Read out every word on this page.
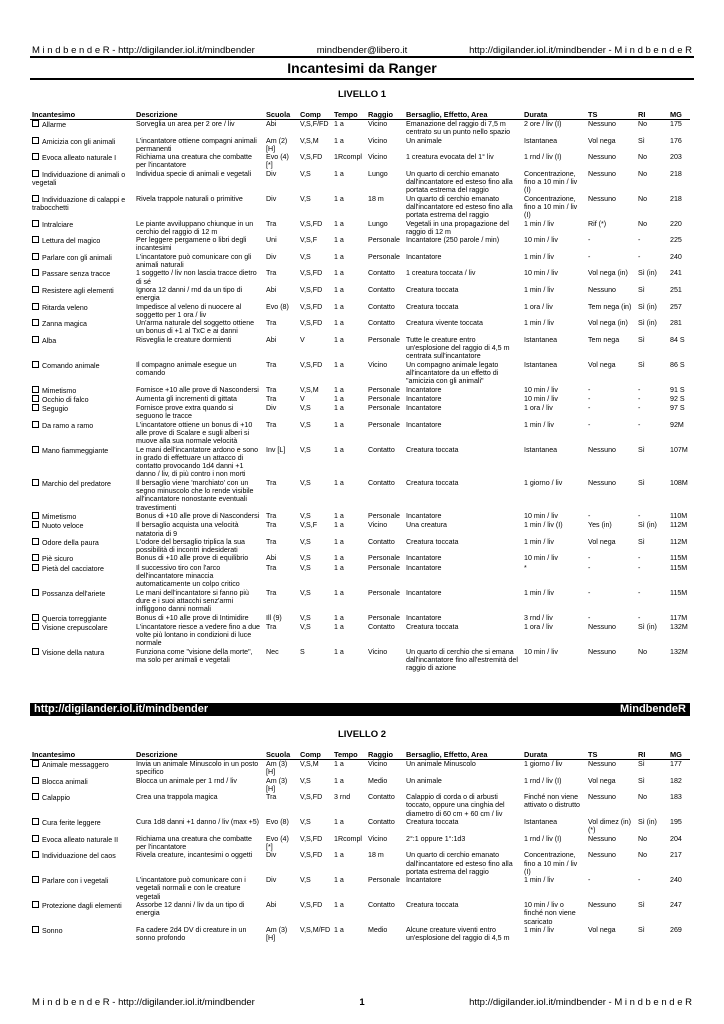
M i n d b e n d e R - http://digilander.iol.it/mindbender	mindbender@libero.it	http://digilander.iol.it/mindbender - M i n d b e n d e R
Incantesimi da Ranger
LIVELLO 1
Incantesimo	Descrizione	Scuola	Comp	Tempo	Raggio	Bersaglio, Effetto, Area	Durata	TS	RI	MG
Allarme	Sorveglia un area per 2 ore / liv	Abi	V,S,F/FD	1 a	Vicino	Emanazione del raggio di 7,5 m centrato su un punto nello spazio	2 ore / liv (I)	Nessuno	No	175
Amicizia con gli animali	L'incantatore ottiene compagni animali permanenti	Am (2) [H]	V,S,M	1 a	Vicino	Un animale	Istantanea	Vol nega	Sì	176
Evoca alleato naturale I	Richiama una creatura che combatte per l'incantatore	Evo (4) [*]	V,S,FD	1Rcompl	Vicino	1 creatura evocata del 1° liv	1 rnd / liv (I)	Nessuno	No	203
Individuazione di animali o vegetali	Individua specie di animali e vegetali	Div	V,S	1 a	Lungo	Un quarto di cerchio emanato dall'incantatore ed esteso fino alla portata estrema del raggio	Concentrazione, fino a 10 min / liv (I)	Nessuno	No	218
Individuazione di calappi e trabocchetti	Rivela trappole naturali o primitive	Div	V,S	1 a	18 m	Un quarto di cerchio emanato dall'incantatore ed esteso fino alla portata estrema del raggio	Concentrazione, fino a 10 min / liv (I)	Nessuno	No	218
Intralciare	Le piante avviluppano chiunque in un cerchio del raggio di 12 m	Tra	V,S,FD	1 a	Lungo	Vegetali in una propagazione del raggio di 12 m	1 min / liv	Rif (*)	No	220
Lettura del magico	Per leggere pergamene o libri degli incantesimi	Uni	V,S,F	1 a	Personale	Incantatore (250 parole / min)	10 min / liv	-	-	225
Parlare con gli animali	L'incantatore può comunicare con gli animali naturali	Div	V,S	1 a	Personale	Incantatore	1 min / liv	-	-	240
Passare senza tracce	1 soggetto / liv non lascia tracce dietro di sé	Tra	V,S,FD	1 a	Contatto	1 creatura toccata / liv	10 min / liv	Vol nega (in)	Sì (in)	241
Resistere agli elementi	Ignora 12 danni / rnd da un tipo di energia	Abi	V,S,FD	1 a	Contatto	Creatura toccata	1 min / liv	Nessuno	Sì	251
Ritarda veleno	Impedisce al veleno di nuocere al soggetto per 1 ora / liv	Evo (8)	V,S,FD	1 a	Contatto	Creatura toccata	1 ora / liv	Tem nega (in)	Sì (in)	257
Zanna magica	Un'arma naturale del soggetto ottiene un bonus di +1 al TxC e ai danni	Tra	V,S,FD	1 a	Contatto	Creatura vivente toccata	1 min / liv	Vol nega (in)	Sì (in)	281
Alba	Risveglia le creature dormienti	Abi	V	1 a	Personale	Tutte le creature entro un'esplosione del raggio di 4,5 m centrata sull'incantatore	Istantanea	Tem nega	Sì	84 S
Comando animale	Il compagno animale esegue un comando	Tra	V,S,FD	1 a	Vicino	Un compagno animale legato all'incantatore da un effetto di "amicizia con gli animali"	Istantanea	Vol nega	Sì	86 S
Mimetismo	Fornisce +10 alle prove di Nascondersi	Tra	V,S,M	1 a	Personale	Incantatore	10 min / liv	-	-	91 S
Occhio di falco	Aumenta gli incrementi di gittata	Tra	V	1 a	Personale	Incantatore	10 min / liv	-	-	92 S
Segugio	Fornisce prove extra quando si seguono le tracce	Div	V,S	1 a	Personale	Incantatore	1 ora / liv	-	-	97 S
Da ramo a ramo	L'incantatore ottiene un bonus di +10 alle prove di Scalare e sugli alberi si muove alla sua normale velocità	Tra	V,S	1 a	Personale	Incantatore	1 min / liv	-	-	92M
Mano fiammeggiante	Le mani dell'incantatore ardono e sono in grado di effettuare un attacco di contatto provocando 1d4 danni +1 danno / liv, di più contro i non morti	Inv [L]	V,S	1 a	Contatto	Creatura toccata	Istantanea	Nessuno	Sì	107M
Marchio del predatore	Il bersaglio viene 'marchiato' con un segno minuscolo che lo rende visibile all'incantatore nonostante eventuali travestimenti	Tra	V,S	1 a	Contatto	Creatura toccata	1 giorno / liv	Nessuno	Sì	108M
Mimetismo	Bonus di +10 alle prove di Nascondersi	Tra	V,S	1 a	Personale	Incantatore	10 min / liv	-	-	110M
Nuoto veloce	Il bersaglio acquista una velocità natatoria di 9	Tra	V,S,F	1 a	Vicino	Una creatura	1 min / liv (I)	Yes (in)	Sì (in)	112M
Odore della paura	L'odore del bersaglio triplica la sua possibilità di incontri indesiderati	Tra	V,S	1 a	Contatto	Creatura toccata	1 min / liv	Vol nega	Sì	112M
Piè sicuro	Bonus di +10 alle prove di equilibrio	Abi	V,S	1 a	Personale	Incantatore	10 min / liv	-	-	115M
Pietà del cacciatore	Il successivo tiro con l'arco dell'incantatore minaccia automaticamente un colpo critico	Tra	V,S	1 a	Personale	Incantatore	*	-	-	115M
Possanza dell'ariete	Le mani dell'incantatore si fanno più dure e i suoi attacchi senz'armi infliggono danni normali	Tra	V,S	1 a	Personale	Incantatore	1 min / liv	-	-	115M
Quercia torreggiante	Bonus di +10 alle prove di Intimidire	Ill (9)	V,S	1 a	Personale	Incantatore	3 rnd / liv	-	-	117M
Visione crepuscolare	L'incantatore riesce a vedere fino a due volte più lontano in condizioni di luce normale	Tra	V,S	1 a	Contatto	Creatura toccata	1 ora / liv	Nessuno	Sì (in)	132M
Visione della natura	Funziona come "visione della morte", ma solo per animali e vegetali	Nec	S	1 a	Vicino	Un quarto di cerchio che si emana dall'incantatore fino all'estremità del raggio di azione	10 min / liv	Nessuno	No	132M
http://digilander.iol.it/mindbender	MindbendeR
LIVELLO 2
Incantesimo	Descrizione	Scuola	Comp	Tempo	Raggio	Bersaglio, Effetto, Area	Durata	TS	RI	MG
Animale messaggero	Invia un animale Minuscolo in un posto specifico	Am (3) [H]	V,S,M	1 a	Vicino	Un animale Minuscolo	1 giorno / liv	Nessuno	Sì	177
Blocca animali	Blocca un animale per 1 rnd / liv	Am (3) [H]	V,S	1 a	Medio	Un animale	1 rnd / liv (I)	Vol nega	Sì	182
Calappio	Crea una trappola magica	Tra	V,S,FD	3 rnd	Contatto	Calappio di corda o di arbusti toccato, oppure una cinghia del diametro di 60 cm + 60 cm / liv	Finché non viene attivato o distrutto	Nessuno	No	183
Cura ferite leggere	Cura 1d8 danni +1 danno / liv (max +5)	Evo (8)	V,S	1 a	Contatto	Creatura toccata	Istantanea	Vol dimez (in) (*)	Sì (in)	195
Evoca alleato naturale II	Richiama una creatura che combatte per l'incantatore	Evo (4) [*]	V,S,FD	1Rcompl	Vicino	2°:1 oppure 1°:1d3	1 rnd / liv (I)	Nessuno	No	204
Individuazione del caos	Rivela creature, incantesimi o oggetti	Div	V,S,FD	1 a	18 m	Un quarto di cerchio emanato dall'incantatore ed esteso fino alla portata estrema del raggio	Concentrazione, fino a 10 min / liv (I)	Nessuno	No	217
Parlare con i vegetali	L'incantatore può comunicare con i vegetali normali e con le creature vegetali	Div	V,S	1 a	Personale	Incantatore	1 min / liv	-	-	240
Protezione dagli elementi	Assorbe 12 danni / liv da un tipo di energia	Abi	V,S,FD	1 a	Contatto	Creatura toccata	10 min / liv o finché non viene scaricato	Nessuno	Sì	247
Sonno	Fa cadere 2d4 DV di creature in un sonno profondo	Am (3) [H]	V,S,M/FD	1 a	Medio	Alcune creature viventi entro un'esplosione del raggio di 4,5 m	1 min / liv	Vol nega	Sì	269
M i n d b e n d e R - http://digilander.iol.it/mindbender	1	http://digilander.iol.it/mindbender - M i n d b e n d e R
